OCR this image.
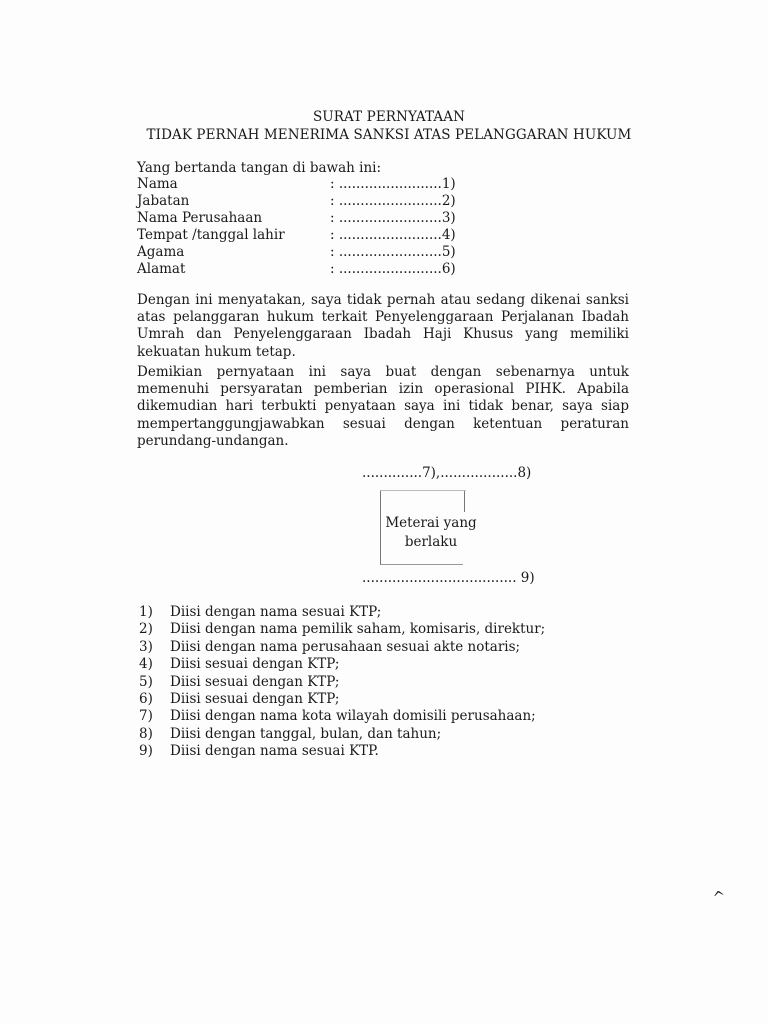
SURAT PERNYATAAN
TIDAK PERNAH MENERIMA SANKSI ATAS PELANGGARAN HUKUM
Yang bertanda tangan di bawah ini:
Nama	: ........................1)
Jabatan	: ........................2)
Nama Perusahaan	: ........................3)
Tempat /tanggal lahir	: ........................4)
Agama	: ........................5)
Alamat	: ........................6)
Dengan ini menyatakan, saya tidak pernah atau sedang dikenai sanksi atas pelanggaran hukum terkait Penyelenggaraan Perjalanan Ibadah Umrah dan Penyelenggaraan Ibadah Haji Khusus yang memiliki kekuatan hukum tetap.
Demikian pernyataan ini saya buat dengan sebenarnya untuk memenuhi persyaratan pemberian izin operasional PIHK. Apabila dikemudian hari terbukti penyataan saya ini tidak benar, saya siap mempertanggungjawabkan sesuai dengan ketentuan peraturan perundang-undangan.
..............7),..................8)
Meterai yang
berlaku
.................................... 9)
1) Diisi dengan nama sesuai KTP;
2) Diisi dengan nama pemilik saham, komisaris, direktur;
3) Diisi dengan nama perusahaan sesuai akte notaris;
4) Diisi sesuai dengan KTP;
5) Diisi sesuai dengan KTP;
6) Diisi sesuai dengan KTP;
7) Diisi dengan nama kota wilayah domisili perusahaan;
8) Diisi dengan tanggal, bulan, dan tahun;
9) Diisi dengan nama sesuai KTP.
^
